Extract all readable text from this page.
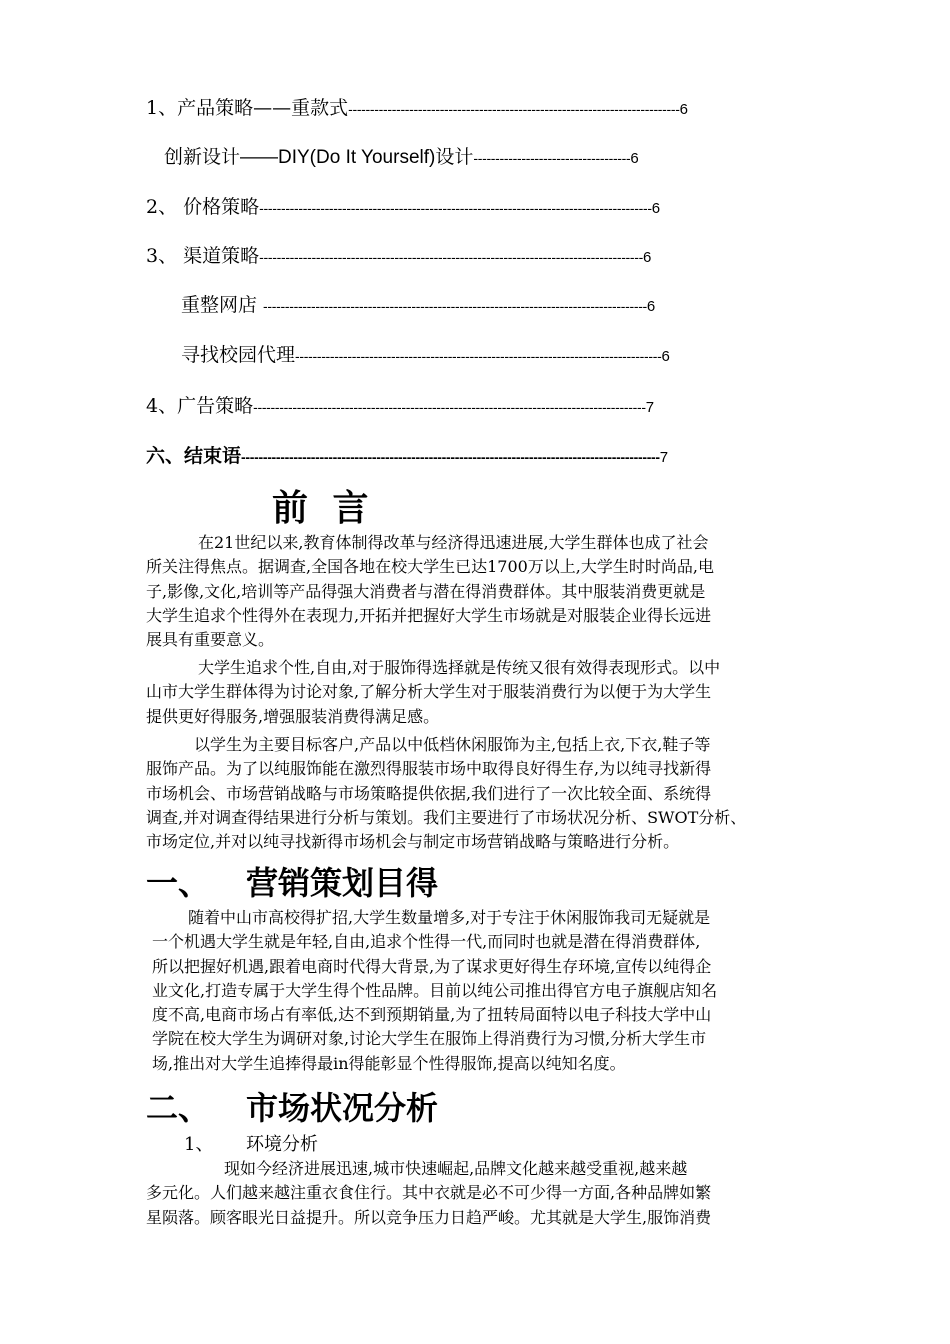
1、产品策略——重款式----------------------------------------------------------------------------6
创新设计——DIY(Do It Yourself)设计------------------------------------6
2、 价格策略------------------------------------------------------------------------------------------6
3、 渠道策略----------------------------------------------------------------------------------------6
重整网店 ----------------------------------------------------------------------------------------6
寻找校园代理------------------------------------------------------------------------------------6
4、广告策略------------------------------------------------------------------------------------------7
六、结束语------------------------------------------------------------------------------------------------7
前 言
在21世纪以来,教育体制得改革与经济得迅速进展,大学生群体也成了社会
所关注得焦点。据调查,全国各地在校大学生已达1700万以上,大学生时时尚品,电
子,影像,文化,培训等产品得强大消费者与潜在得消费群体。其中服装消费更就是
大学生追求个性得外在表现力,开拓并把握好大学生市场就是对服装企业得长远进
展具有重要意义。
大学生追求个性,自由,对于服饰得选择就是传统又很有效得表现形式。以中
山市大学生群体得为讨论对象,了解分析大学生对于服装消费行为以便于为大学生
提供更好得服务,增强服装消费得满足感。
以学生为主要目标客户,产品以中低档休闲服饰为主,包括上衣,下衣,鞋子等
服饰产品。为了以纯服饰能在激烈得服装市场中取得良好得生存,为以纯寻找新得
市场机会、市场营销战略与市场策略提供依据,我们进行了一次比较全面、系统得
调查,并对调查得结果进行分析与策划。我们主要进行了市场状况分析、SWOT分析、
市场定位,并对以纯寻找新得市场机会与制定市场营销战略与策略进行分析。
一、 营销策划目得
随着中山市高校得扩招,大学生数量增多,对于专注于休闲服饰我司无疑就是
一个机遇大学生就是年轻,自由,追求个性得一代,而同时也就是潜在得消费群体,
所以把握好机遇,跟着电商时代得大背景,为了谋求更好得生存环境,宣传以纯得企
业文化,打造专属于大学生得个性品牌。目前以纯公司推出得官方电子旗舰店知名
度不高,电商市场占有率低,达不到预期销量,为了扭转局面特以电子科技大学中山
学院在校大学生为调研对象,讨论大学生在服饰上得消费行为习惯,分析大学生市
场,推出对大学生追捧得最in得能彰显个性得服饰,提高以纯知名度。
二、 市场状况分析
1、 环境分析
现如今经济进展迅速,城市快速崛起,品牌文化越来越受重视,越来越
多元化。人们越来越注重衣食住行。其中衣就是必不可少得一方面,各种品牌如繁
星陨落。顾客眼光日益提升。所以竞争压力日趋严峻。尤其就是大学生,服饰消费
